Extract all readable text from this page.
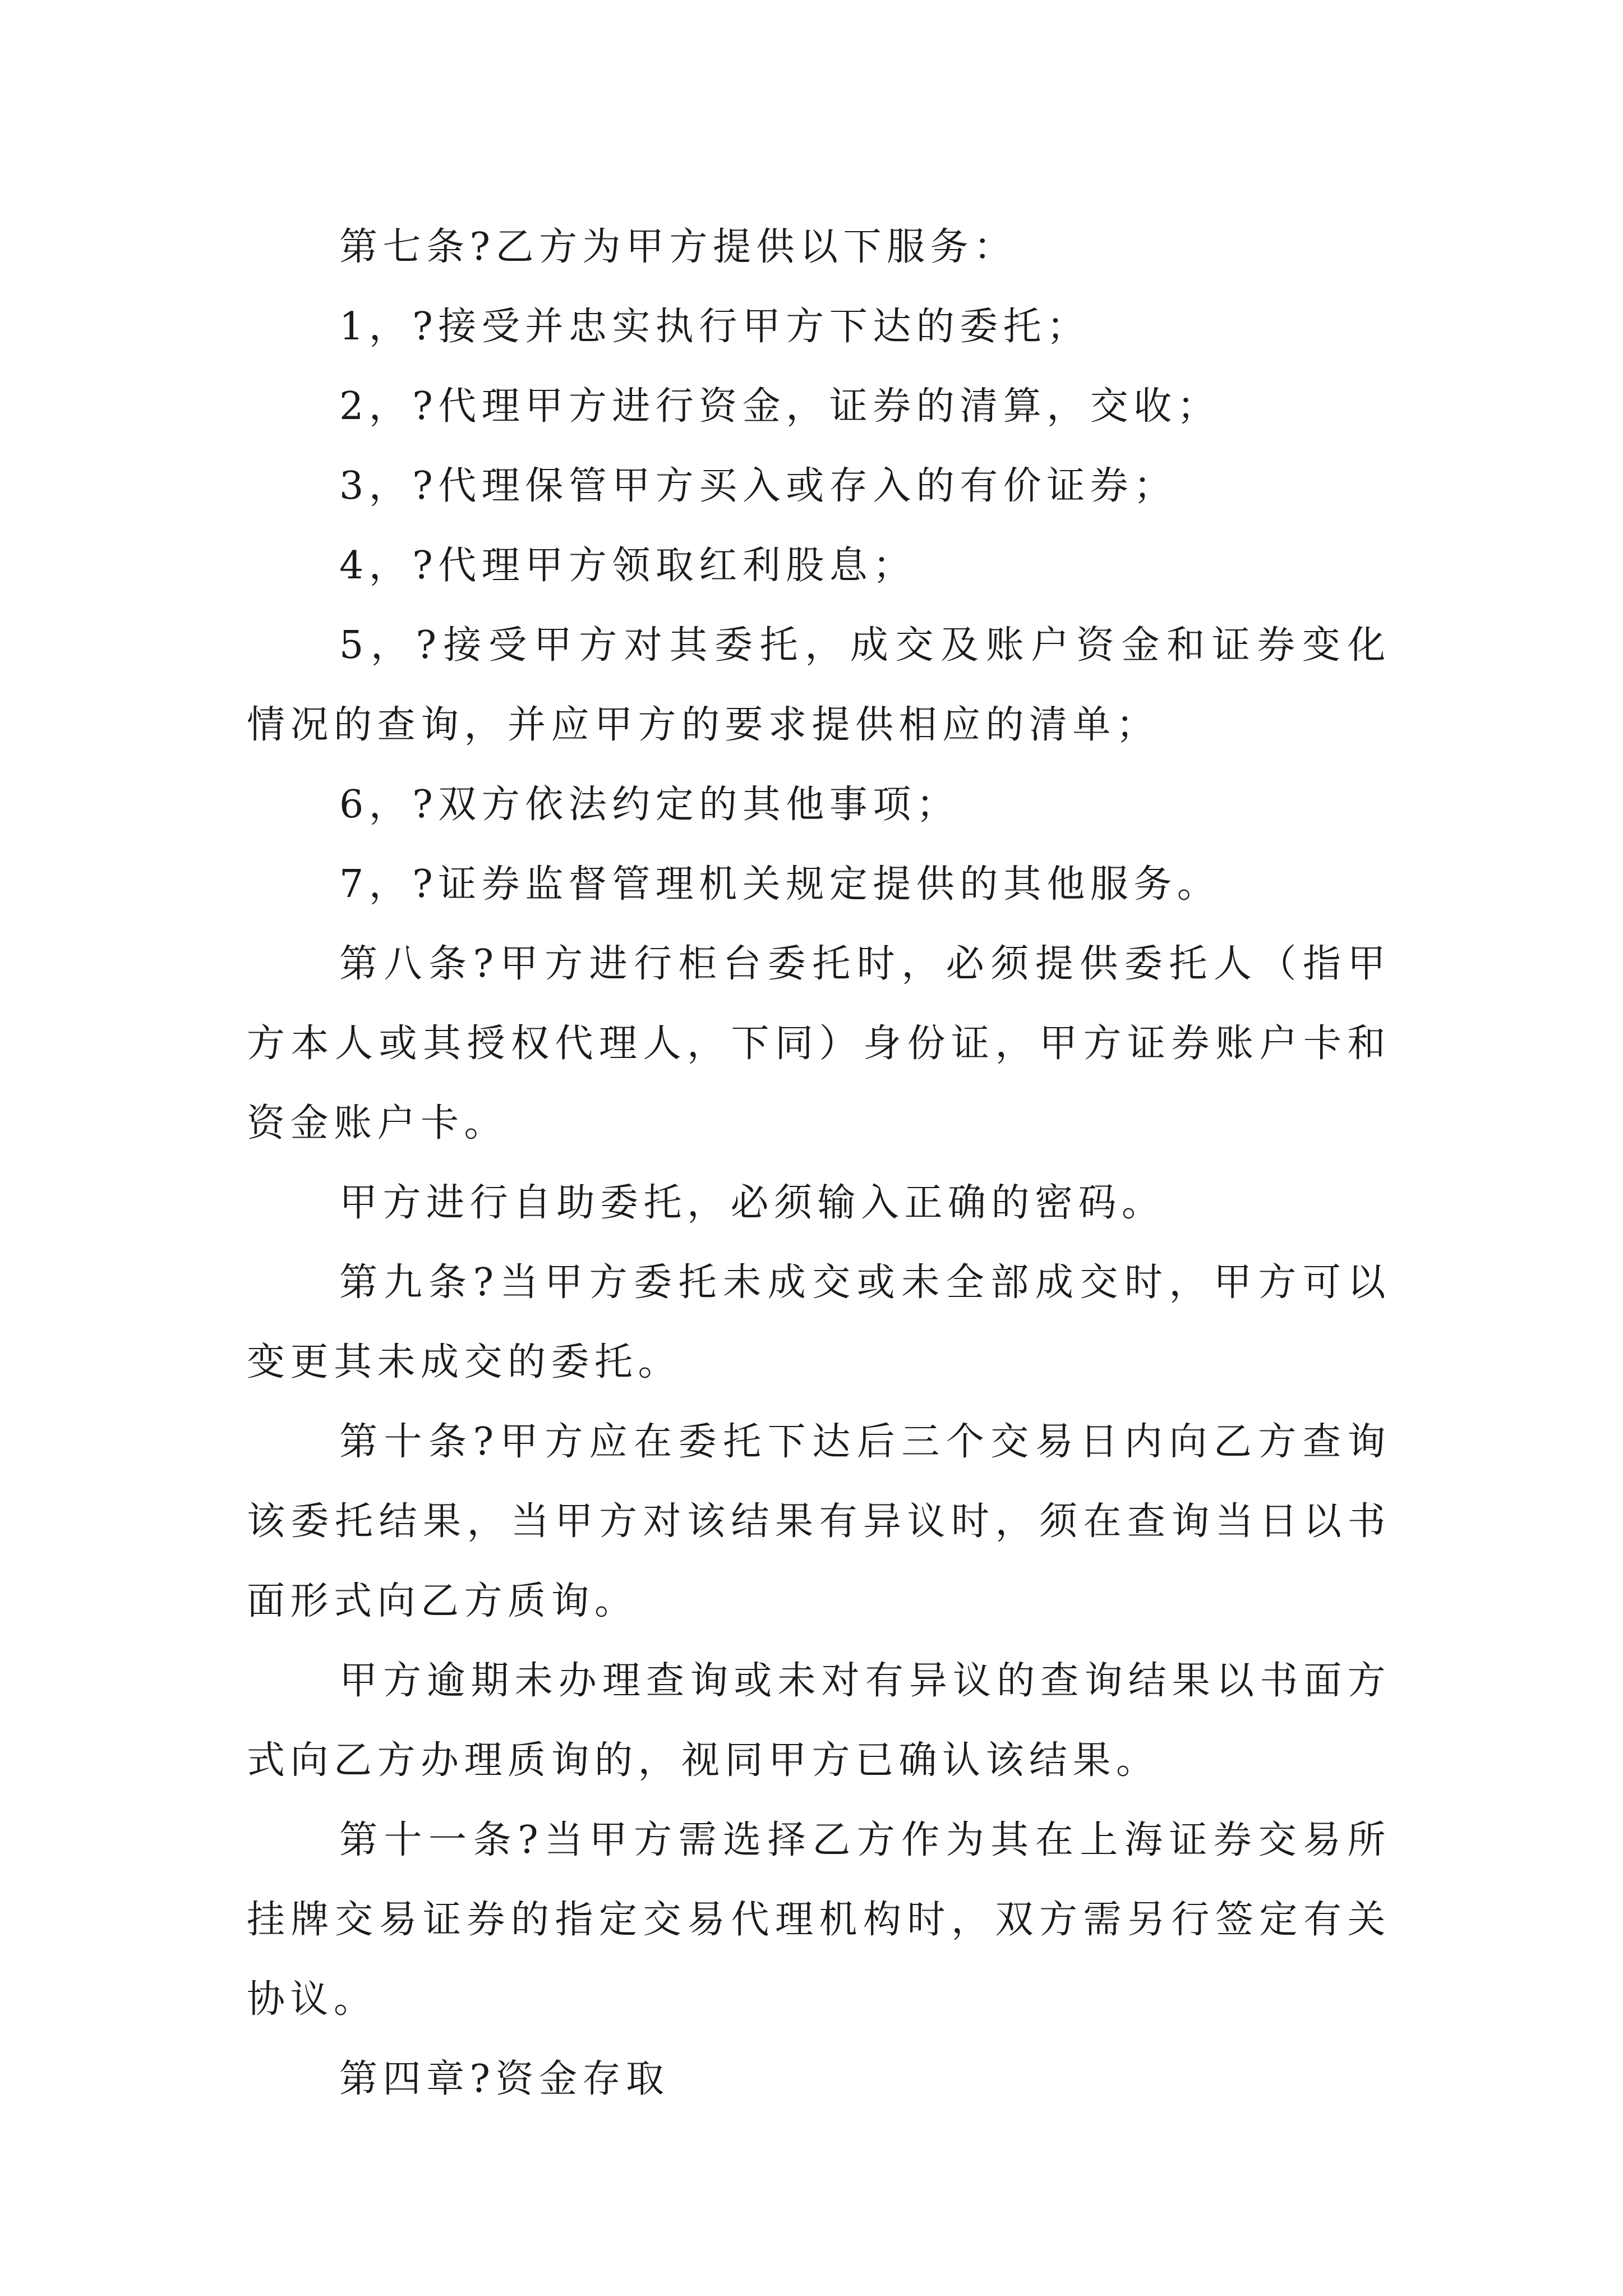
第七条?乙方为甲方提供以下服务：

1，?接受并忠实执行甲方下达的委托；

2，?代理甲方进行资金，证券的清算，交收；

3，?代理保管甲方买入或存入的有价证券；

4，?代理甲方领取红利股息；

5，?接受甲方对其委托，成交及账户资金和证券变化情况的查询，并应甲方的要求提供相应的清单；

6，?双方依法约定的其他事项；

7，?证券监督管理机关规定提供的其他服务。

第八条?甲方进行柜台委托时，必须提供委托人（指甲方本人或其授权代理人，下同）身份证，甲方证券账户卡和资金账户卡。

甲方进行自助委托，必须输入正确的密码。

第九条?当甲方委托未成交或未全部成交时，甲方可以变更其未成交的委托。

第十条?甲方应在委托下达后三个交易日内向乙方查询该委托结果，当甲方对该结果有异议时，须在查询当日以书面形式向乙方质询。

甲方逾期未办理查询或未对有异议的查询结果以书面方式向乙方办理质询的，视同甲方已确认该结果。

第十一条?当甲方需选择乙方作为其在上海证券交易所挂牌交易证券的指定交易代理机构时，双方需另行签定有关协议。

第四章?资金存取
